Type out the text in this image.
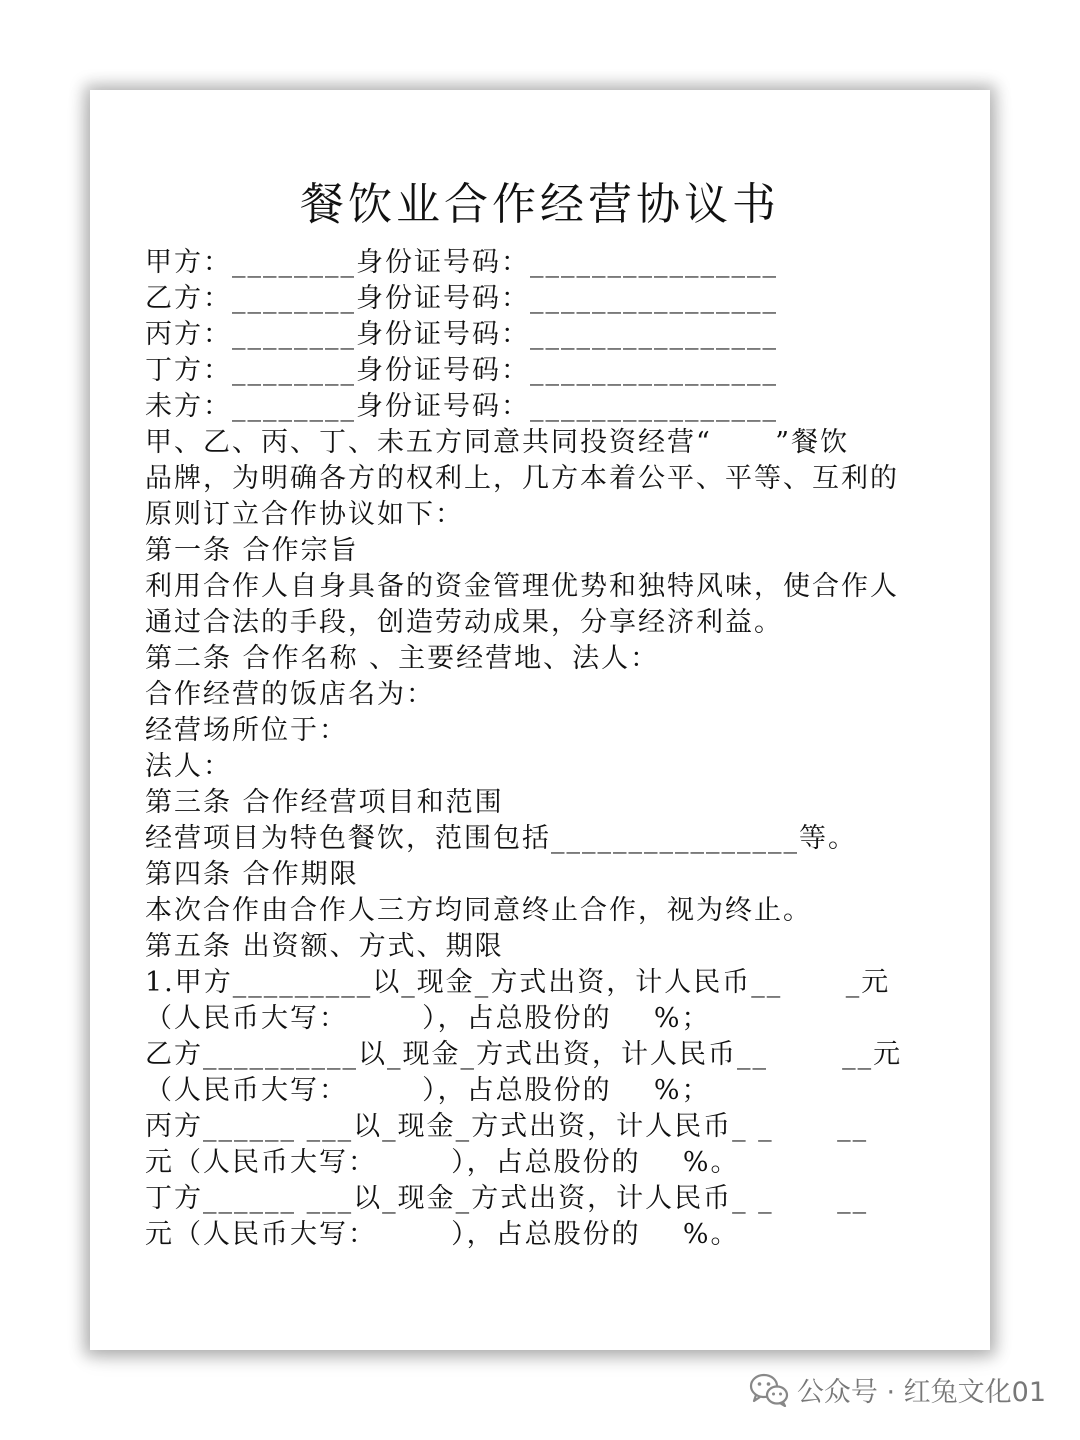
餐饮业合作经营协议书
甲方：________身份证号码：________________
乙方：________身份证号码：________________
丙方：________身份证号码：________________
丁方：________身份证号码：________________
未方：________身份证号码：________________
甲、乙、丙、丁、未五方同意共同投资经营“      ”餐饮
品牌，为明确各方的权利上，几方本着公平、平等、互利的
原则订立合作协议如下：
第一条 合作宗旨
利用合作人自身具备的资金管理优势和独特风味，使合作人
通过合法的手段，创造劳动成果，分享经济利益。
第二条 合作名称 、主要经营地、法人：
合作经营的饭店名为：
经营场所位于：
法人：
第三条 合作经营项目和范围
经营项目为特色餐饮，范围包括________________等。
第四条 合作期限
本次合作由合作人三方均同意终止合作，视为终止。
第五条 出资额、方式、期限
1.甲方_________以_现金_方式出资，计人民币__      _元
（人民币大写：       ），占总股份的    %；
乙方__________以_现金_方式出资，计人民币__       __元
（人民币大写：       ），占总股份的    %；
丙方______ ___以_现金_方式出资，计人民币_ _      __
元（人民币大写：       ），占总股份的    %。
丁方______ ___以_现金_方式出资，计人民币_ _      __
元（人民币大写：       ），占总股份的    %。
公众号 · 红兔文化01
